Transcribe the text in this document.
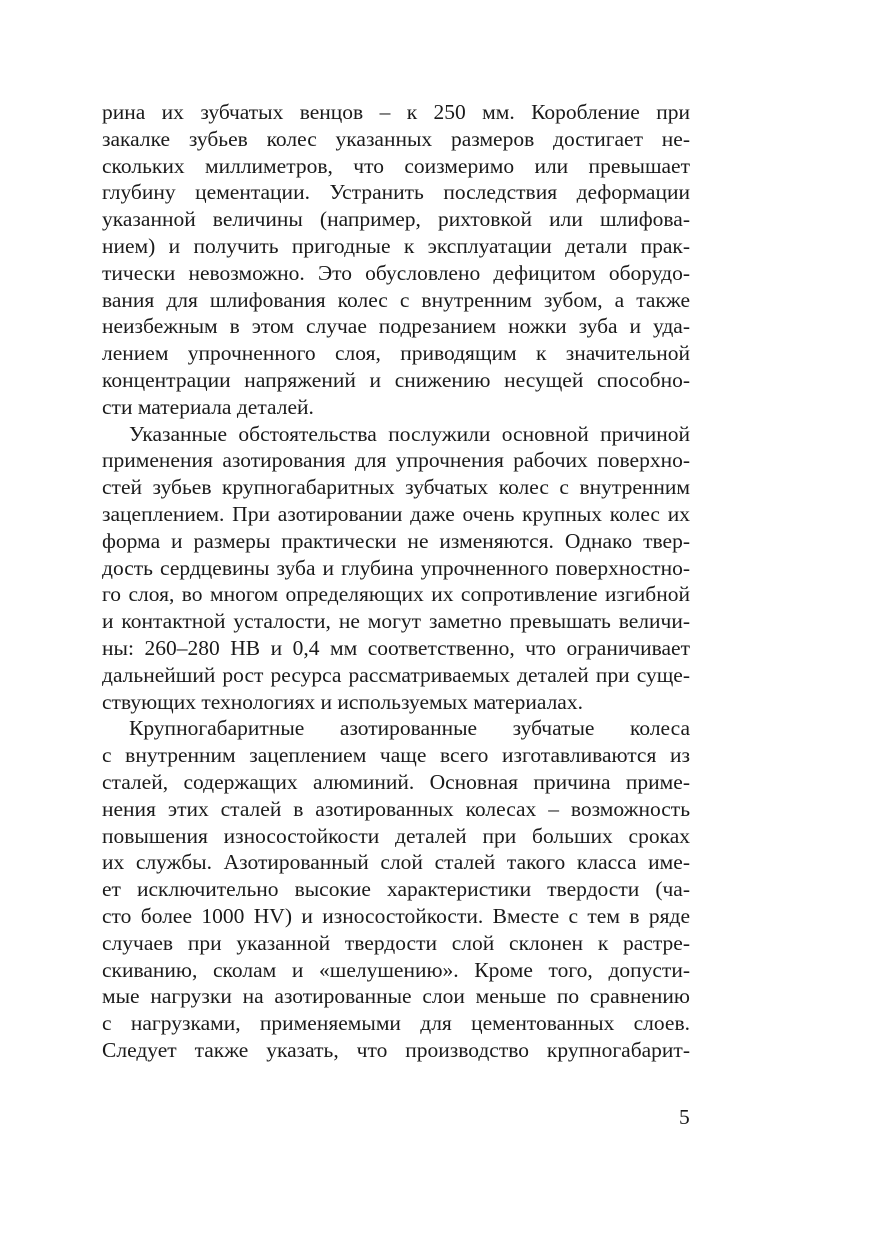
рина их зубчатых венцов – к 250 мм. Коробление при
закалке зубьев колес указанных размеров достигает не-
скольких миллиметров, что соизмеримо или превышает
глубину цементации. Устранить последствия деформации
указанной величины (например, рихтовкой или шлифова-
нием) и получить пригодные к эксплуатации детали прак-
тически невозможно. Это обусловлено дефицитом оборудо-
вания для шлифования колес с внутренним зубом, а также
неизбежным в этом случае подрезанием ножки зуба и уда-
лением упрочненного слоя, приводящим к значительной
концентрации напряжений и снижению несущей способно-
сти материала деталей.
Указанные обстоятельства послужили основной причиной
применения азотирования для упрочнения рабочих поверхно-
стей зубьев крупногабаритных зубчатых колес с внутренним
зацеплением. При азотировании даже очень крупных колес их
форма и размеры практически не изменяются. Однако твер-
дость сердцевины зуба и глубина упрочненного поверхностно-
го слоя, во многом определяющих их сопротивление изгибной
и контактной усталости, не могут заметно превышать величи-
ны: 260–280 НВ и 0,4 мм соответственно, что ограничивает
дальнейший рост ресурса рассматриваемых деталей при суще-
ствующих технологиях и используемых материалах.
Крупногабаритные азотированные зубчатые колеса
с внутренним зацеплением чаще всего изготавливаются из
сталей, содержащих алюминий. Основная причина приме-
нения этих сталей в азотированных колесах – возможность
повышения износостойкости деталей при больших сроках
их службы. Азотированный слой сталей такого класса име-
ет исключительно высокие характеристики твердости (ча-
сто более 1000 HV) и износостойкости. Вместе с тем в ряде
случаев при указанной твердости слой склонен к растре-
скиванию, сколам и «шелушению». Кроме того, допусти-
мые нагрузки на азотированные слои меньше по сравнению
с нагрузками, применяемыми для цементованных слоев.
Следует также указать, что производство крупногабарит-
5
